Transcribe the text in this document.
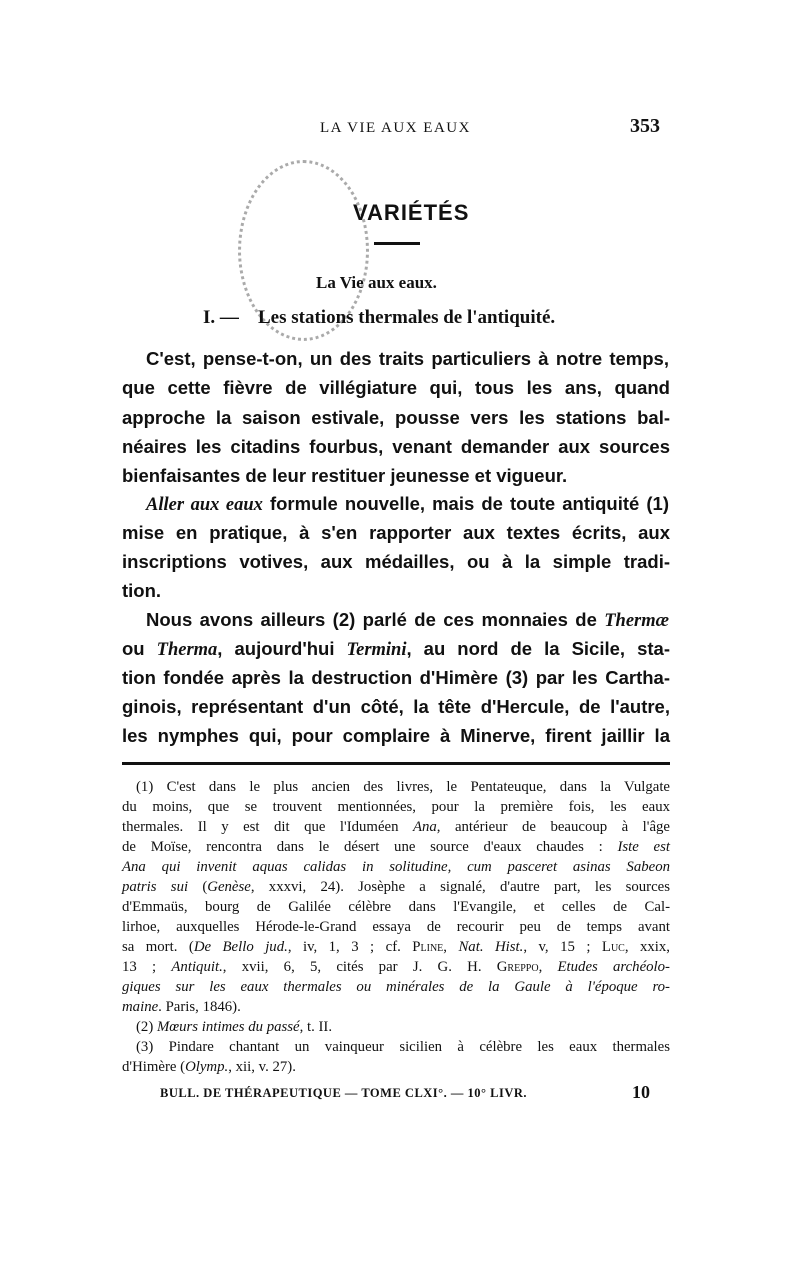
LA VIE AUX EAUX	353
VARIÉTÉS
La Vie aux eaux.
I. — Les stations thermales de l'antiquité.
C'est, pense-t-on, un des traits particuliers à notre temps,
que cette fièvre de villégiature qui, tous les ans, quand
approche la saison estivale, pousse vers les stations bal-
néaires les citadins fourbus, venant demander aux sources
bienfaisantes de leur restituer jeunesse et vigueur.
Aller aux eaux formule nouvelle, mais de toute antiquité (1)
mise en pratique, à s'en rapporter aux textes écrits, aux
inscriptions votives, aux médailles, ou à la simple tradi-
tion.
Nous avons ailleurs (2) parlé de ces monnaies de Thermæ
ou Therma, aujourd'hui Termini, au nord de la Sicile, sta-
tion fondée après la destruction d'Himère (3) par les Cartha-
ginois, représentant d'un côté, la tête d'Hercule, de l'autre,
les nymphes qui, pour complaire à Minerve, firent jaillir la
(1) C'est dans le plus ancien des livres, le Pentateuque, dans la Vulgate
du moins, que se trouvent mentionnées, pour la première fois, les eaux
thermales. Il y est dit que l'Iduméen Ana, antérieur de beaucoup à l'âge
de Moïse, rencontra dans le désert une source d'eaux chaudes : Iste est
Ana qui invenit aquas calidas in solitudine, cum pasceret asinas Sabeon
patris sui (Genèse, xxxvi, 24). Josèphe a signalé, d'autre part, les sources
d'Emmaüs, bourg de Galilée célèbre dans l'Evangile, et celles de Cal-
lirhoe, auxquelles Hérode-le-Grand essaya de recourir peu de temps avant
sa mort. (De Bello jud., iv, 1, 3 ; cf. Pline, Nat. Hist., v, 15 ; Luc, xxix,
13 ; Antiquit., xvii, 6, 5, cités par J. G. H. Greppo, Etudes archéolo-
giques sur les eaux thermales ou minérales de la Gaule à l'époque ro-
maine. Paris, 1846).
(2) Mœurs intimes du passé, t. II.
(3) Pindare chantant un vainqueur sicilien à célèbre les eaux thermales
d'Himère (Olymp., xii, v. 27).
BULL. DE THÉRAPEUTIQUE — TOME CLXI°. — 10° LIVR.	10
